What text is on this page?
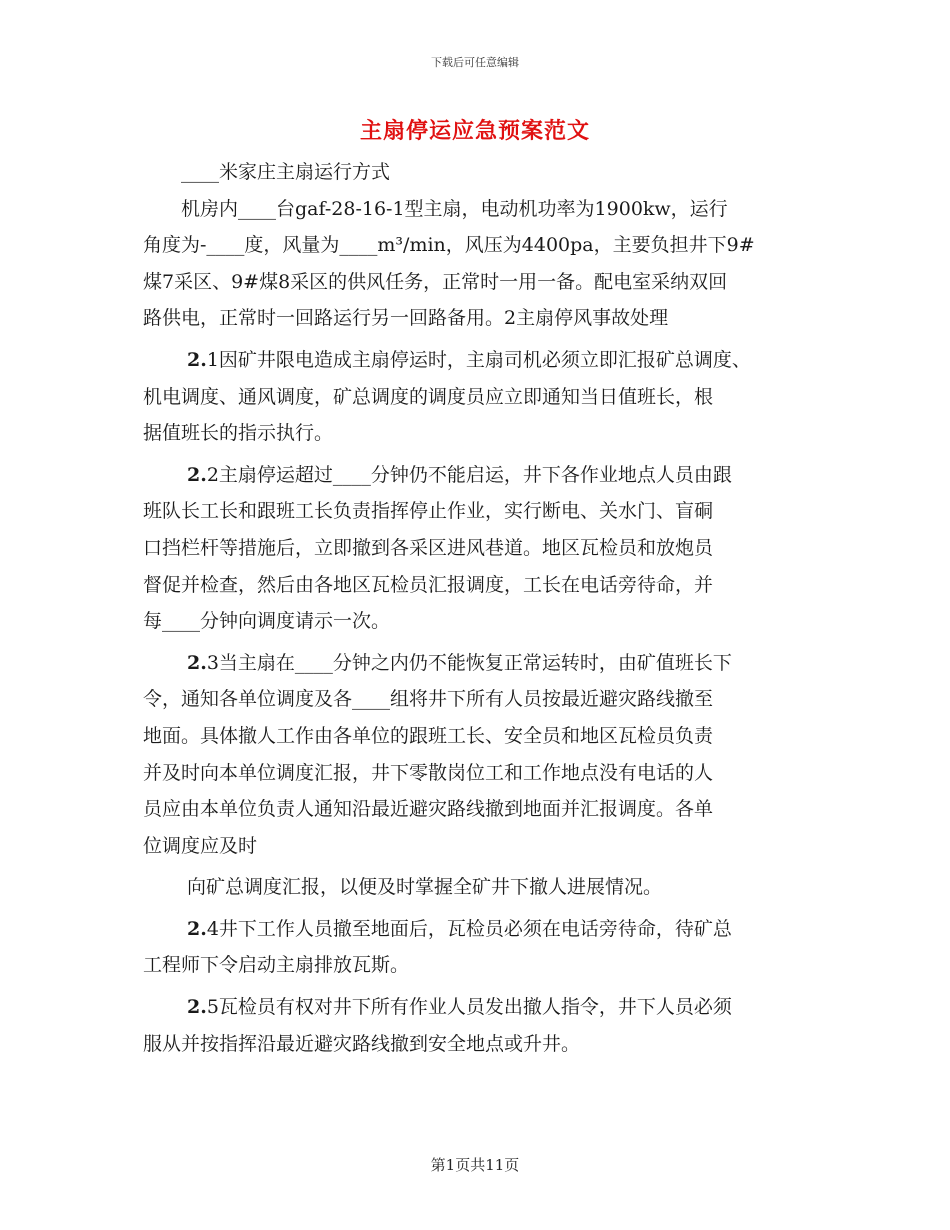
下载后可任意编辑
主扇停运应急预案范文
____米家庄主扇运行方式
机房内____台gaf-28-16-1型主扇，电动机功率为1900kw，运行
角度为-____度，风量为____m³/min，风压为4400pa，主要负担井下9#
煤7采区、9#煤8采区的供风任务，正常时一用一备。配电室采纳双回
路供电，正常时一回路运行另一回路备用。2主扇停风事故处理
2.1因矿井限电造成主扇停运时，主扇司机必须立即汇报矿总调度、
机电调度、通风调度，矿总调度的调度员应立即通知当日值班长，根
据值班长的指示执行。
2.2主扇停运超过____分钟仍不能启运，井下各作业地点人员由跟
班队长工长和跟班工长负责指挥停止作业，实行断电、关水门、盲硐
口挡栏杆等措施后，立即撤到各采区进风巷道。地区瓦检员和放炮员
督促并检查，然后由各地区瓦检员汇报调度，工长在电话旁待命，并
每____分钟向调度请示一次。
2.3当主扇在____分钟之内仍不能恢复正常运转时，由矿值班长下
令，通知各单位调度及各____组将井下所有人员按最近避灾路线撤至
地面。具体撤人工作由各单位的跟班工长、安全员和地区瓦检员负责
并及时向本单位调度汇报，井下零散岗位工和工作地点没有电话的人
员应由本单位负责人通知沿最近避灾路线撤到地面并汇报调度。各单
位调度应及时
向矿总调度汇报，以便及时掌握全矿井下撤人进展情况。
2.4井下工作人员撤至地面后，瓦检员必须在电话旁待命，待矿总
工程师下令启动主扇排放瓦斯。
2.5瓦检员有权对井下所有作业人员发出撤人指令，井下人员必须
服从并按指挥沿最近避灾路线撤到安全地点或升井。
第1页共11页
